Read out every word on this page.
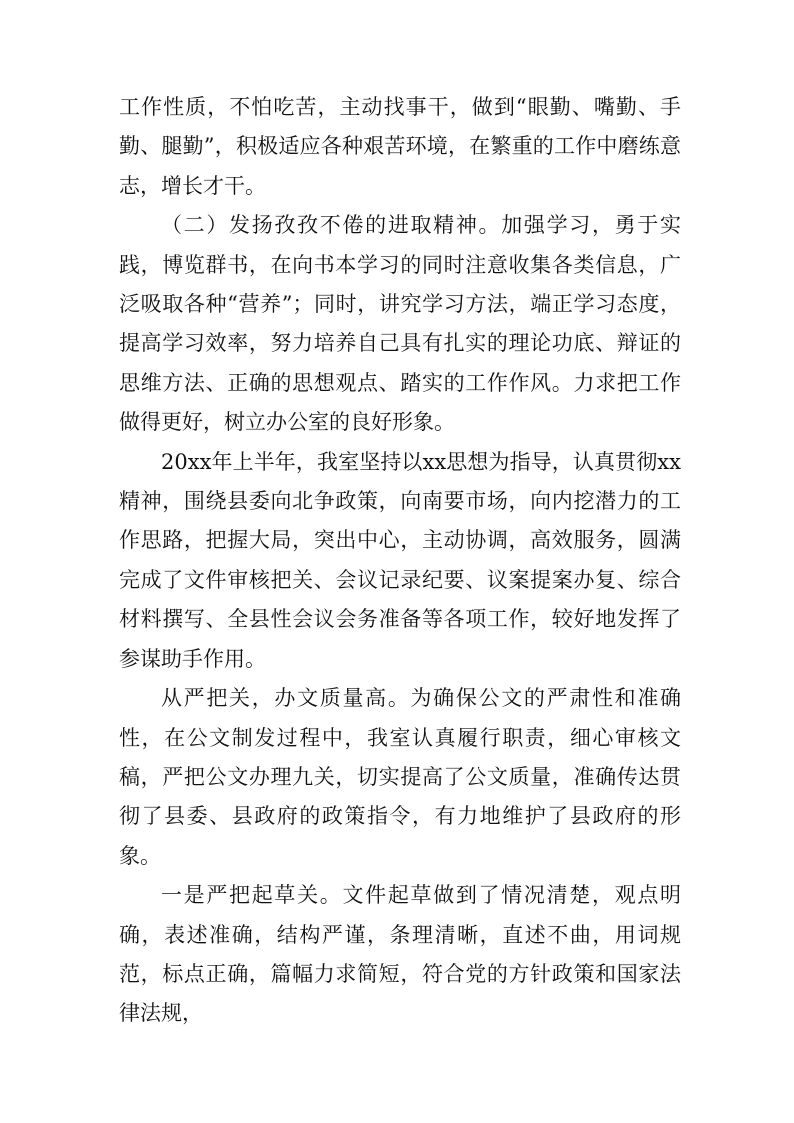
工作性质，不怕吃苦，主动找事干，做到“眼勤、嘴勤、手勤、腿勤”，积极适应各种艰苦环境，在繁重的工作中磨练意志，增长才干。

（二）发扬孜孜不倦的进取精神。加强学习，勇于实践，博览群书，在向书本学习的同时注意收集各类信息，广泛吸取各种“营养”；同时，讲究学习方法，端正学习态度，提高学习效率，努力培养自己具有扎实的理论功底、辩证的思维方法、正确的思想观点、踏实的工作作风。力求把工作做得更好，树立办公室的良好形象。

20xx年上半年，我室坚持以xx思想为指导，认真贯彻xx精神，围绕县委向北争政策，向南要市场，向内挖潜力的工作思路，把握大局，突出中心，主动协调，高效服务，圆满完成了文件审核把关、会议记录纪要、议案提案办复、综合材料撰写、全县性会议会务准备等各项工作，较好地发挥了参谋助手作用。

从严把关，办文质量高。为确保公文的严肃性和准确性，在公文制发过程中，我室认真履行职责，细心审核文稿，严把公文办理九关，切实提高了公文质量，准确传达贯彻了县委、县政府的政策指令，有力地维护了县政府的形象。

一是严把起草关。文件起草做到了情况清楚，观点明确，表述准确，结构严谨，条理清晰，直述不曲，用词规范，标点正确，篇幅力求简短，符合党的方针政策和国家法律法规，
